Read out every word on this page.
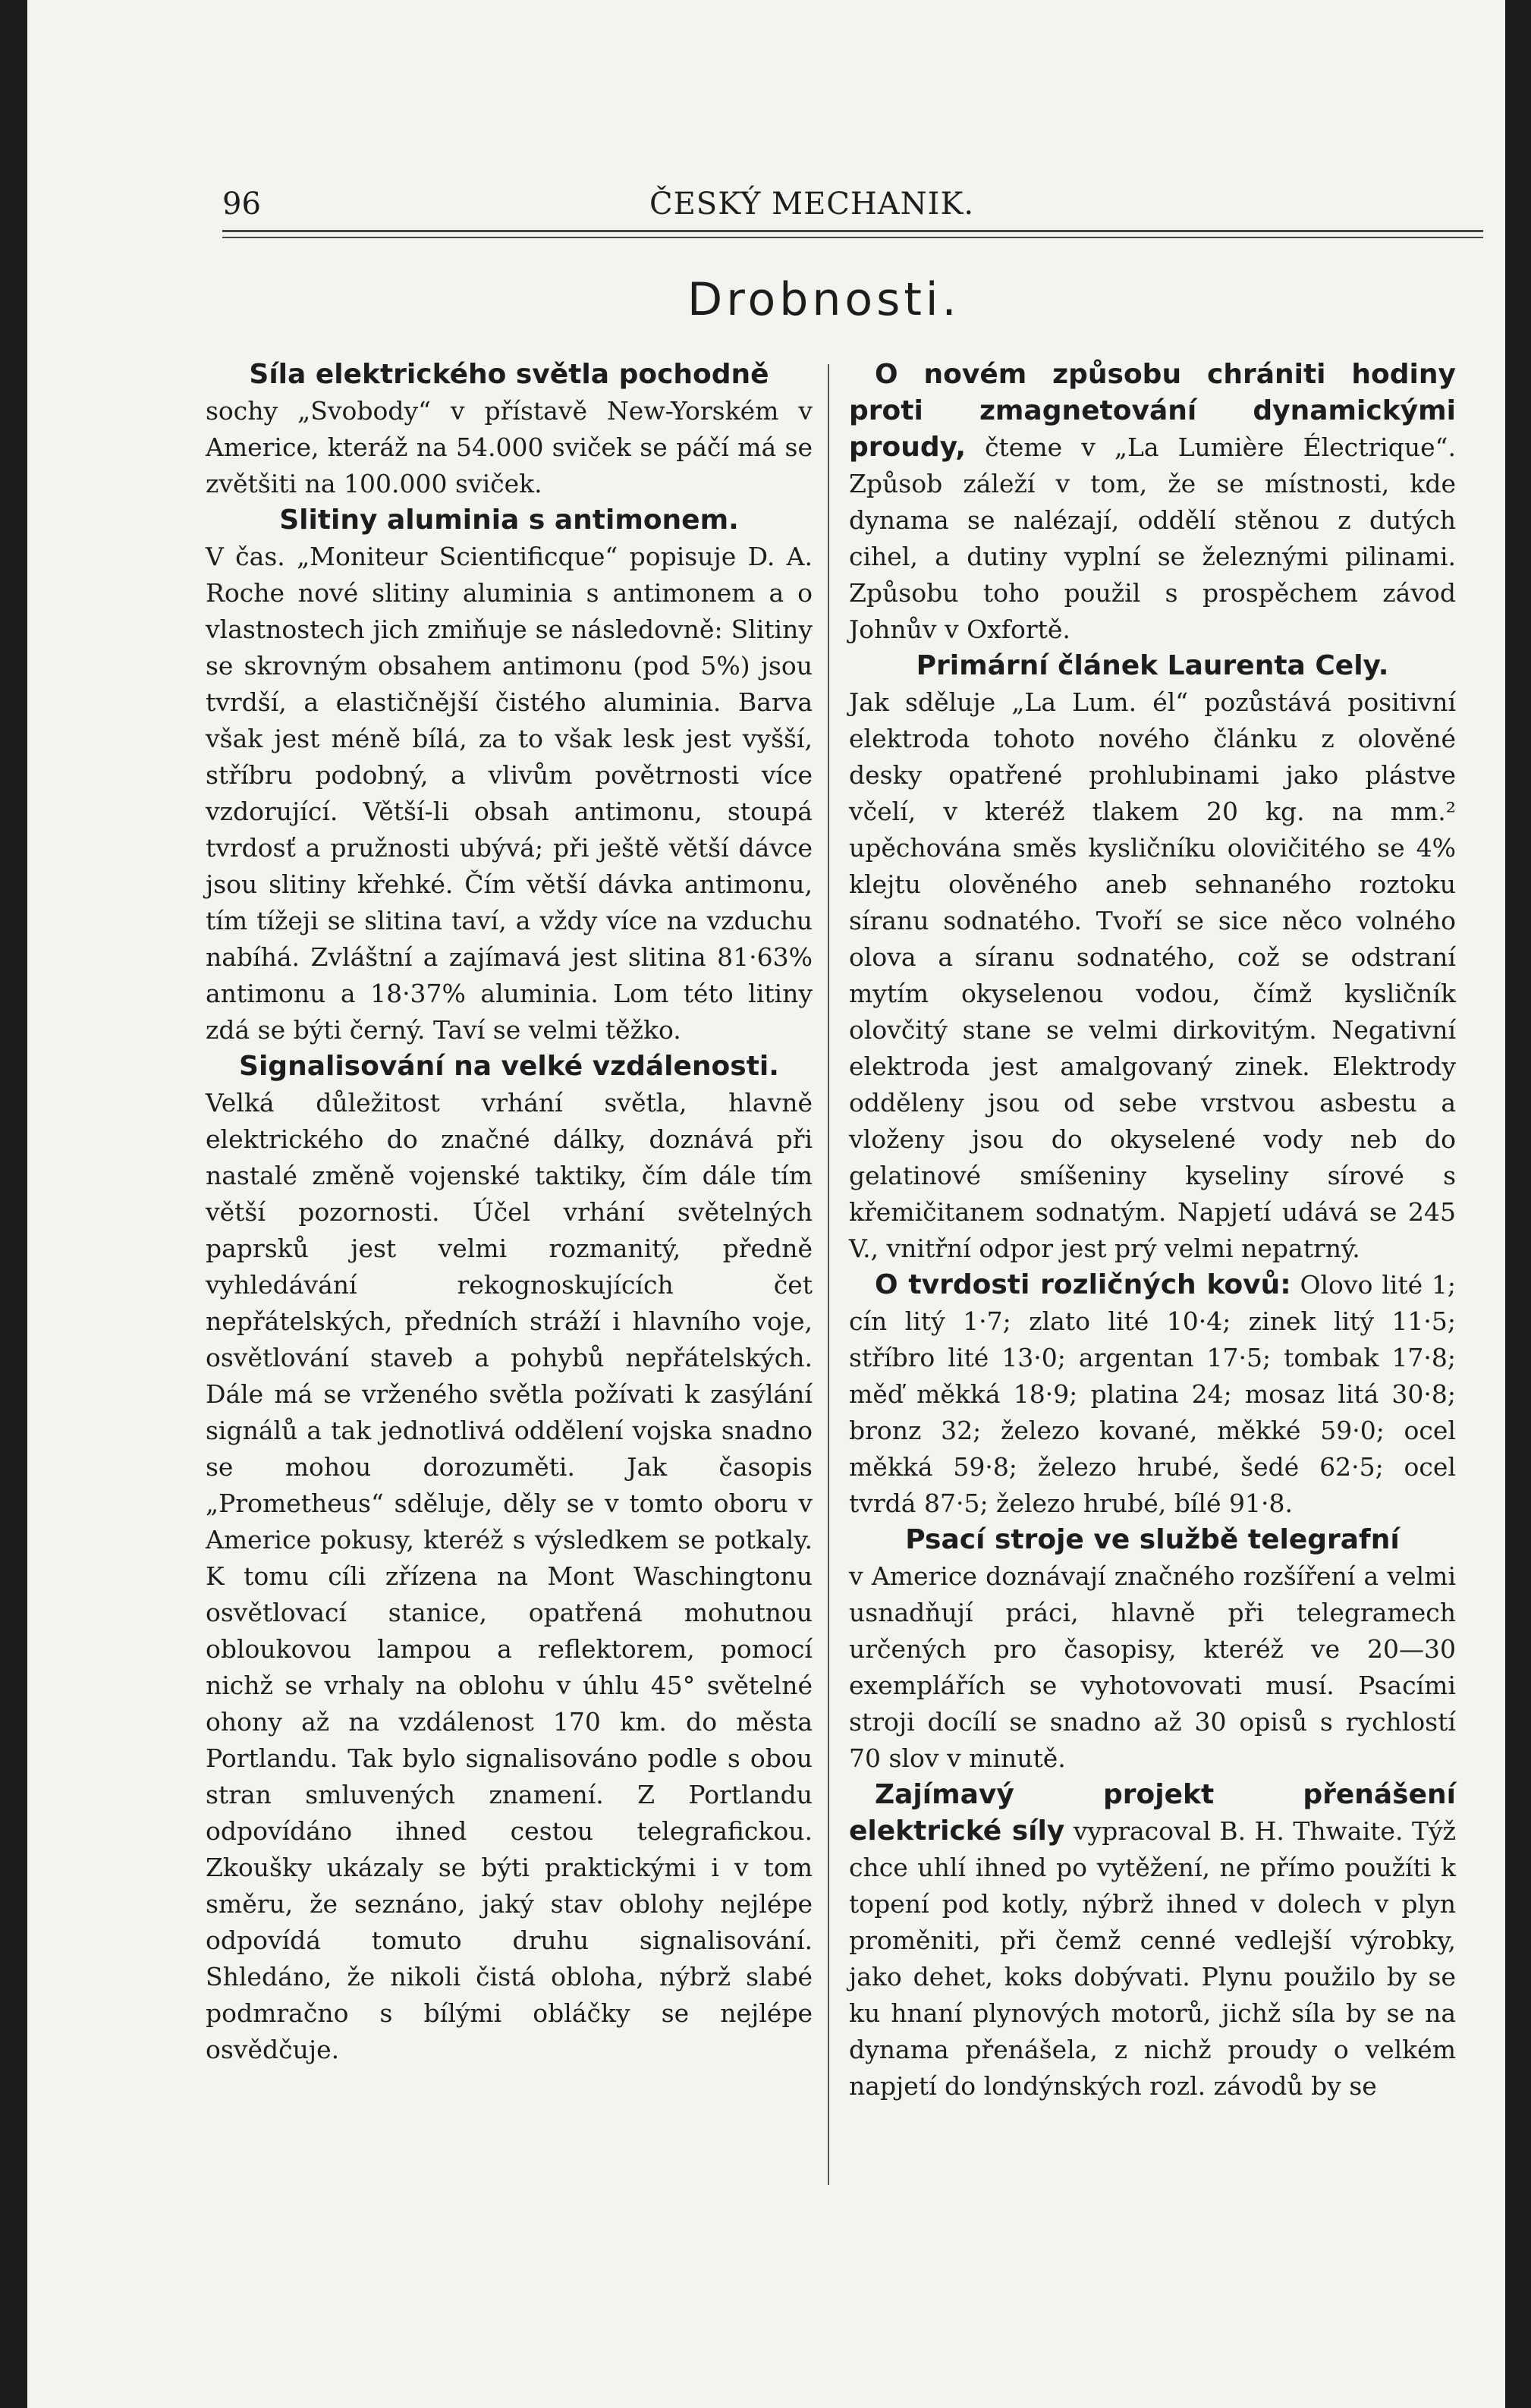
96	ČESKÝ MECHANIK.
Drobnosti.

Síla elektrického světla pochodně

sochy „Svobody“ v přístavě New-Yorském v Americe, kteráž na 54.000 sviček se páčí má se zvětšiti na 100.000 sviček.

Slitiny aluminia s antimonem.

V čas. „Moniteur Scientificque“ popisuje D. A. Roche nové slitiny aluminia s antimonem a o vlastnostech jich zmiňuje se následovně: Slitiny se skrovným obsahem antimonu (pod 5%) jsou tvrdší, a elastičnější čistého aluminia. Barva však jest méně bílá, za to však lesk jest vyšší, stříbru podobný, a vlivům povětrnosti více vzdorující. Větší-li obsah antimonu, stoupá tvrdosť a pružnosti ubývá; při ještě větší dávce jsou slitiny křehké. Čím větší dávka antimonu, tím tížeji se slitina taví, a vždy více na vzduchu nabíhá. Zvláštní a zajímavá jest slitina 81·63% antimonu a 18·37% aluminia. Lom této litiny zdá se býti černý. Taví se velmi těžko.

Signalisování na velké vzdálenosti.

Velká důležitost vrhání světla, hlavně elektrického do značné dálky, doznává při nastalé změně vojenské taktiky, čím dále tím větší pozornosti. Účel vrhání světelných paprsků jest velmi rozmanitý, předně vyhledávání rekognoskujících čet nepřátelských, předních stráží i hlavního voje, osvětlování staveb a pohybů nepřátelských. Dále má se vrženého světla požívati k zasýlání signálů a tak jednotlivá oddělení vojska snadno se mohou dorozuměti. Jak časopis „Prometheus“ sděluje, děly se v tomto oboru v Americe pokusy, kteréž s výsledkem se potkaly. K tomu cíli zřízena na Mont Waschingtonu osvětlovací stanice, opatřená mohutnou obloukovou lampou a reflektorem, pomocí nichž se vrhaly na oblohu v úhlu 45° světelné ohony až na vzdálenost 170 km. do města Portlandu. Tak bylo signalisováno podle s obou stran smluvených znamení. Z Portlandu odpovídáno ihned cestou telegrafickou. Zkoušky ukázaly se býti praktickými i v tom směru, že seznáno, jaký stav oblohy nejlépe odpovídá tomuto druhu signalisování. Shledáno, že nikoli čistá obloha, nýbrž slabé podmračno s bílými obláčky se nejlépe osvědčuje.

O novém způsobu chrániti hodiny proti zmagnetování dynamickými proudy, čteme v „La Lumière Électrique“. Způsob záleží v tom, že se místnosti, kde dynama se nalézají, oddělí stěnou z dutých cihel, a dutiny vyplní se železnými pilinami. Způsobu toho použil s prospěchem závod Johnův v Oxfortě.

Primární článek Laurenta Cely.

Jak sděluje „La Lum. él“ pozůstává positivní elektroda tohoto nového článku z olověné desky opatřené prohlubinami jako plástve včelí, v kteréž tlakem 20 kg. na mm.² upěchována směs kysličníku olovičitého se 4% klejtu olověného aneb sehnaného roztoku síranu sodnatého. Tvoří se sice něco volného olova a síranu sodnatého, což se odstraní mytím okyselenou vodou, čímž kysličník olovčitý stane se velmi dirkovitým. Negativní elektroda jest amalgovaný zinek. Elektrody odděleny jsou od sebe vrstvou asbestu a vloženy jsou do okyselené vody neb do gelatinové smíšeniny kyseliny sírové s křemičitanem sodnatým. Napjetí udává se 245 V., vnitřní odpor jest prý velmi nepatrný.

O tvrdosti rozličných kovů: Olovo lité 1; cín litý 1·7; zlato lité 10·4; zinek litý 11·5; stříbro lité 13·0; argentan 17·5; tombak 17·8; měď měkká 18·9; platina 24; mosaz litá 30·8; bronz 32; železo kované, měkké 59·0; ocel měkká 59·8; železo hrubé, šedé 62·5; ocel tvrdá 87·5; železo hrubé, bílé 91·8.

Psací stroje ve službě telegrafní

v Americe doznávají značného rozšíření a velmi usnadňují práci, hlavně při telegramech určených pro časopisy, kteréž ve 20—30 exemplářích se vyhotovovati musí. Psacími stroji docílí se snadno až 30 opisů s rychlostí 70 slov v minutě.

Zajímavý projekt přenášení elektrické síly vypracoval B. H. Thwaite. Týž chce uhlí ihned po vytěžení, ne přímo použíti k topení pod kotly, nýbrž ihned v dolech v plyn proměniti, při čemž cenné vedlejší výrobky, jako dehet, koks dobývati. Plynu použilo by se ku hnaní plynových motorů, jichž síla by se na dynama přenášela, z nichž proudy o velkém napjetí do londýnských rozl. závodů by se
